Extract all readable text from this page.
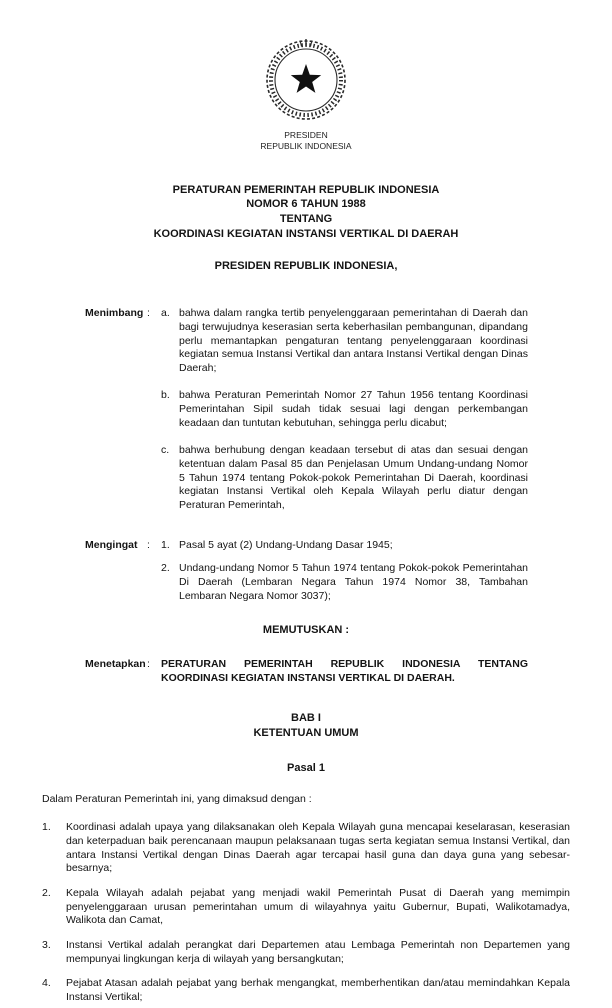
PRESIDEN
REPUBLIK INDONESIA
PERATURAN PEMERINTAH REPUBLIK INDONESIA
NOMOR 6 TAHUN 1988
TENTANG
KOORDINASI KEGIATAN INSTANSI VERTIKAL DI DAERAH
PRESIDEN REPUBLIK INDONESIA,
Menimbang :	a. bahwa dalam rangka tertib penyelenggaraan pemerintahan di Daerah dan bagi terwujudnya keserasian serta keberhasilan pembangunan, dipandang perlu memantapkan pengaturan tentang penyelenggaraan koordinasi kegiatan semua Instansi Vertikal dan antara Instansi Vertikal dengan Dinas Daerah;
b. bahwa Peraturan Pemerintah Nomor 27 Tahun 1956 tentang Koordinasi Pemerintahan Sipil sudah tidak sesuai lagi dengan perkembangan keadaan dan tuntutan kebutuhan, sehingga perlu dicabut;
c. bahwa berhubung dengan keadaan tersebut di atas dan sesuai dengan ketentuan dalam Pasal 85 dan Penjelasan Umum Undang-undang Nomor 5 Tahun 1974 tentang Pokok-pokok Pemerintahan Di Daerah, koordinasi kegiatan Instansi Vertikal oleh Kepala Wilayah perlu diatur dengan Peraturan Pemerintah,
Mengingat :	1. Pasal 5 ayat (2) Undang-Undang Dasar 1945;
2. Undang-undang Nomor 5 Tahun 1974 tentang Pokok-pokok Pemerintahan Di Daerah (Lembaran Negara Tahun 1974 Nomor 38, Tambahan Lembaran Negara Nomor 3037);
MEMUTUSKAN :
Menetapkan :	PERATURAN PEMERINTAH REPUBLIK INDONESIA TENTANG KOORDINASI KEGIATAN INSTANSI VERTIKAL DI DAERAH.
BAB I
KETENTUAN UMUM
Pasal 1
Dalam Peraturan Pemerintah ini, yang dimaksud dengan :
1.	Koordinasi adalah upaya yang dilaksanakan oleh Kepala Wilayah guna mencapai keselarasan, keserasian dan keterpaduan baik perencanaan maupun pelaksanaan tugas serta kegiatan semua Instansi Vertikal, dan antara Instansi Vertikal dengan Dinas Daerah agar tercapai hasil guna dan daya guna yang sebesar-besarnya;
2.	Kepala Wilayah adalah pejabat yang menjadi wakil Pemerintah Pusat di Daerah yang memimpin penyelenggaraan urusan pemerintahan umum di wilayahnya yaitu Gubernur, Bupati, Walikotamadya, Walikota dan Camat,
3.	Instansi Vertikal adalah perangkat dari Departemen atau Lembaga Pemerintah non Departemen yang mempunyai lingkungan kerja di wilayah yang bersangkutan;
4.	Pejabat Atasan adalah pejabat yang berhak mengangkat, memberhentikan dan/atau memindahkan Kepala Instansi Vertikal;
